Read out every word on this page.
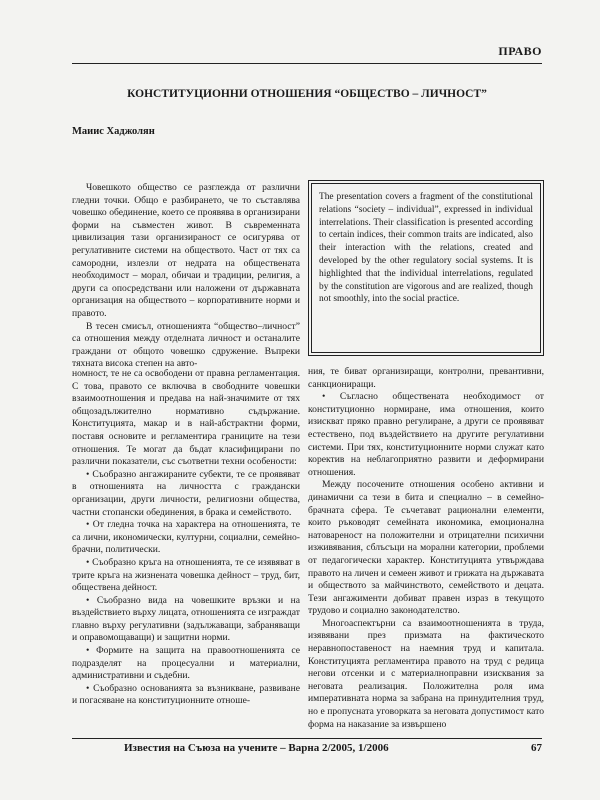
ПРАВО
КОНСТИТУЦИОННИ ОТНОШЕНИЯ “ОБЩЕСТВО – ЛИЧНОСТ”
Маиис Хаджолян

Човешкото общество се разглежда от различни гледни точки. Общо е разбирането, че то съставлява човешко обединение, което се проявява в организирани форми на съвместен живот. В съвременната цивилизация тази организираност се осигурява от регулативните системи на обществото. Част от тях са самородни, излезли от недрата на обществената необходимост – морал, обичаи и традиции, религия, а други са опосредствани или наложени от държавната организация на обществото – корпоративните норми и правото.

В тесен смисъл, отношенията “общество–личност” са отношения между отделната личност и останалите граждани от общото човешко сдружение. Въпреки тяхната висока степен на авто-

The presentation covers a fragment of the constitutional relations “society – individual”, expressed in individual interrelations. Their classification is presented according to certain indices, their common traits are indicated, also their interaction with the relations, created and developed by the other regulatory social systems. It is highlighted that the individual interrelations, regulated by the constitution are vigorous and are realized, though not smoothly, into the social practice.

номност, те не са освободени от правна регламентация. С това, правото се включва в свободните човешки взаимоотношения и предава на най-значимите от тях общозадължително нормативно съдържание. Конституцията, макар и в най-абстрактни форми, поставя основите и регламентира границите на тези отношения. Те могат да бъдат класифицирани по различни показатели, със съответни техни особености:

• Съобразно ангажираните субекти, те се проявяват в отношенията на личността с граждански организации, други личности, религиозни общества, частни стопански обединения, в брака и семейството.

• От гледна точка на характера на отношенията, те са лични, икономически, културни, социални, семейно-брачни, политически.

• Съобразно кръга на отношенията, те се изявяват в трите кръга на жизнената човешка дейност – труд, бит, обществена дейност.

• Съобразно вида на човешките връзки и на въздействието върху лицата, отношенията се изграждат главно върху регулативни (задължаващи, забраняващи и оправомощаващи) и защитни норми.

• Формите на защита на правоотношенията се подразделят на процесуални и материални, административни и съдебни.

• Съобразно основанията за възникване, развиване и погасяване на конституционните отноше-

ния, те биват организиращи, контролни, превантивни, санкциониращи.

• Съгласно обществената необходимост от конституционно нормиране, има отношения, които изискват пряко правно регулиране, а други се проявяват естествено, под въздействието на другите регулативни системи. При тях, конституционните норми служат като коректив на неблагоприятно развити и деформирани отношения.

Между посочените отношения особено активни и динамични са тези в бита и специално – в семейно-брачната сфера. Те съчетават рационални елементи, които ръководят семейната икономика, емоционална натовареност на положителни и отрицателни психични изживявания, сблъсъци на морални категории, проблеми от педагогически характер. Конституцията утвърждава правото на личен и семеен живот и грижата на държавата и обществото за майчинството, семейството и децата. Тези ангажименти добиват правен израз в текущото трудово и социално законодателство.

Многоаспектърни са взаимоотношенията в труда, изявявани през призмата на фактическото неравнопоставеност на наемния труд и капитала. Конституцията регламентира правото на труд с редица негови отсенки и с материалноправни изисквания за неговата реализация. Положителна роля има императивната норма за забрана на принудителния труд, но е пропусната уговорката за неговата допустимост като форма на наказание за извършено

Известия на Съюза на учените – Варна 2/2005, 1/2006	67
